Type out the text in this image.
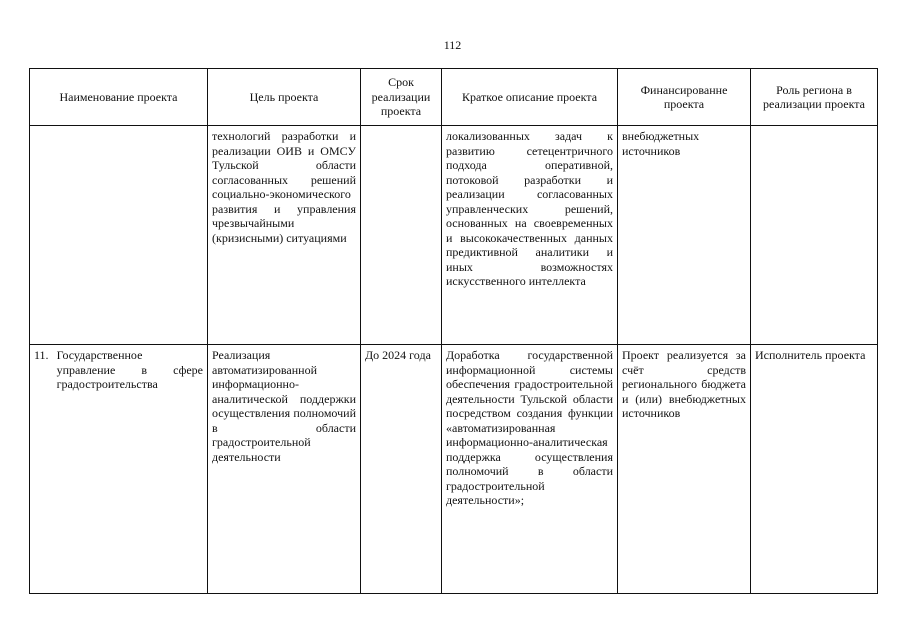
112
Наименование проекта	Цель проекта	Срок реализации проекта	Краткое описание проекта	Финансированне проекта	Роль региона в реализации проекта

	технологий разработки и реализации ОИВ и ОМСУ Тульской области согласованных решений социально-экономического развития и управления чрезвычайными (кризисными) ситуациями		локализованных задач к развитию сетецентричного подхода оперативной, потоковой разработки и реализации согласованных управленческих решений, основанных на своевременных и высококачественных данных предиктивной аналитики и иных возможностях искусственного интеллекта	внебюджетных источников	

11. Государственное управление в сфере градостроительства	Реализация автоматизированной информационно-аналитической поддержки осуществления полномочий в области градостроительной деятельности	До 2024 года	Доработка государственной информационной системы обеспечения градостроительной деятельности Тульской области посредством создания функции «автоматизированная информационно-аналитическая поддержка осуществления полномочий в области градостроительной деятельности»;	Проект реализуется за счёт средств регионального бюджета и (или) внебюджетных источников	Исполнитель проекта
